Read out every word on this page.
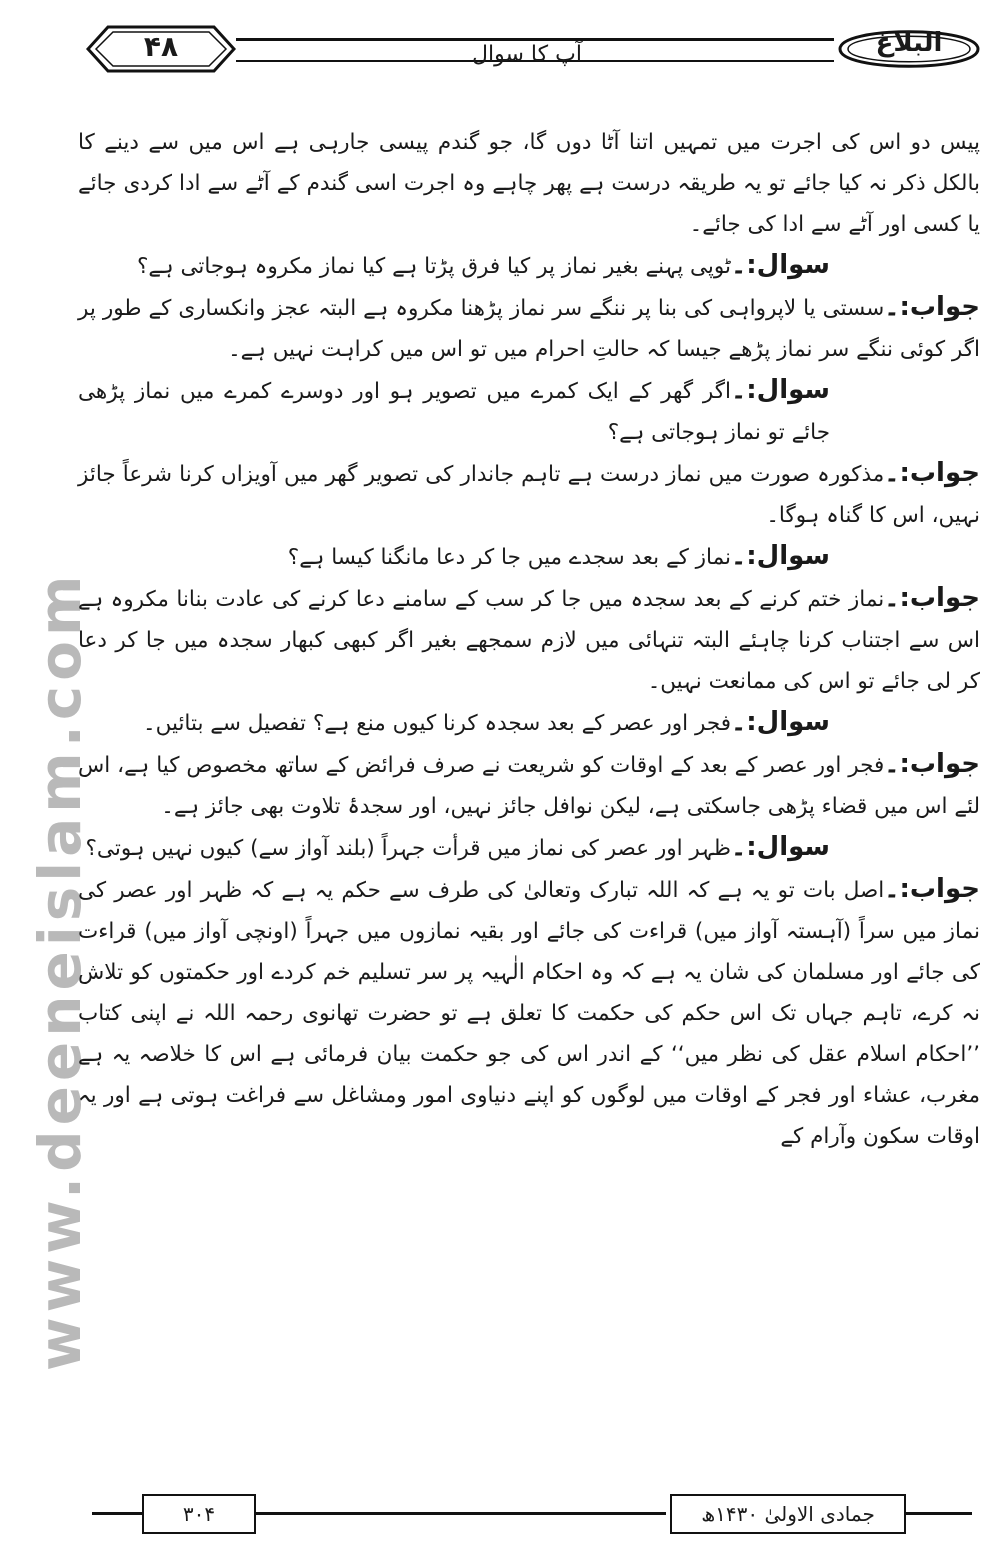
www.deeneislam.com
۴۸	آپ کا سوال	البلاغ

پیس دو اس کی اجرت میں تمہیں اتنا آٹا دوں گا، جو گندم پیسی جارہی ہے اس میں سے دینے کا بالکل ذکر نہ کیا جائے تو یہ طریقہ درست ہے پھر چاہے وہ اجرت اسی گندم کے آٹے سے ادا کردی جائے یا کسی اور آٹے سے ادا کی جائے۔

سوال:۔ٹوپی پہنے بغیر نماز پر کیا فرق پڑتا ہے کیا نماز مکروہ ہوجاتی ہے؟

جواب:۔سستی یا لاپرواہی کی بنا پر ننگے سر نماز پڑھنا مکروہ ہے البتہ عجز وانکساری کے طور پر اگر کوئی ننگے سر نماز پڑھے جیسا کہ حالتِ احرام میں تو اس میں کراہت نہیں ہے۔

سوال:۔اگر گھر کے ایک کمرے میں تصویر ہو اور دوسرے کمرے میں نماز پڑھی جائے تو نماز ہوجاتی ہے؟

جواب:۔مذکورہ صورت میں نماز درست ہے تاہم جاندار کی تصویر گھر میں آویزاں کرنا شرعاً جائز نہیں، اس کا گناہ ہوگا۔

سوال:۔نماز کے بعد سجدے میں جا کر دعا مانگنا کیسا ہے؟

جواب:۔نماز ختم کرنے کے بعد سجدہ میں جا کر سب کے سامنے دعا کرنے کی عادت بنانا مکروہ ہے اس سے اجتناب کرنا چاہئے البتہ تنہائی میں لازم سمجھے بغیر اگر کبھی کبھار سجدہ میں جا کر دعا کر لی جائے تو اس کی ممانعت نہیں۔

سوال:۔فجر اور عصر کے بعد سجدہ کرنا کیوں منع ہے؟ تفصیل سے بتائیں۔

جواب:۔فجر اور عصر کے بعد کے اوقات کو شریعت نے صرف فرائض کے ساتھ مخصوص کیا ہے، اس لئے اس میں قضاء پڑھی جاسکتی ہے، لیکن نوافل جائز نہیں، اور سجدۂ تلاوت بھی جائز ہے۔

سوال:۔ظہر اور عصر کی نماز میں قرأت جہراً (بلند آواز سے) کیوں نہیں ہوتی؟

جواب:۔اصل بات تو یہ ہے کہ اللہ تبارک وتعالیٰ کی طرف سے حکم یہ ہے کہ ظہر اور عصر کی نماز میں سراً (آہستہ آواز میں) قراءت کی جائے اور بقیہ نمازوں میں جہراً (اونچی آواز میں) قراءت کی جائے اور مسلمان کی شان یہ ہے کہ وہ احکام الٰہیہ پر سر تسلیم خم کردے اور حکمتوں کو تلاش نہ کرے، تاہم جہاں تک اس حکم کی حکمت کا تعلق ہے تو حضرت تھانوی رحمہ اللہ نے اپنی کتاب ’’احکام اسلام عقل کی نظر میں‘‘ کے اندر اس کی جو حکمت بیان فرمائی ہے اس کا خلاصہ یہ ہے مغرب، عشاء اور فجر کے اوقات میں لوگوں کو اپنے دنیاوی امور ومشاغل سے فراغت ہوتی ہے اور یہ اوقات سکون وآرام کے

۳۰۴	جمادی الاولیٰ ۱۴۳۰ھ
